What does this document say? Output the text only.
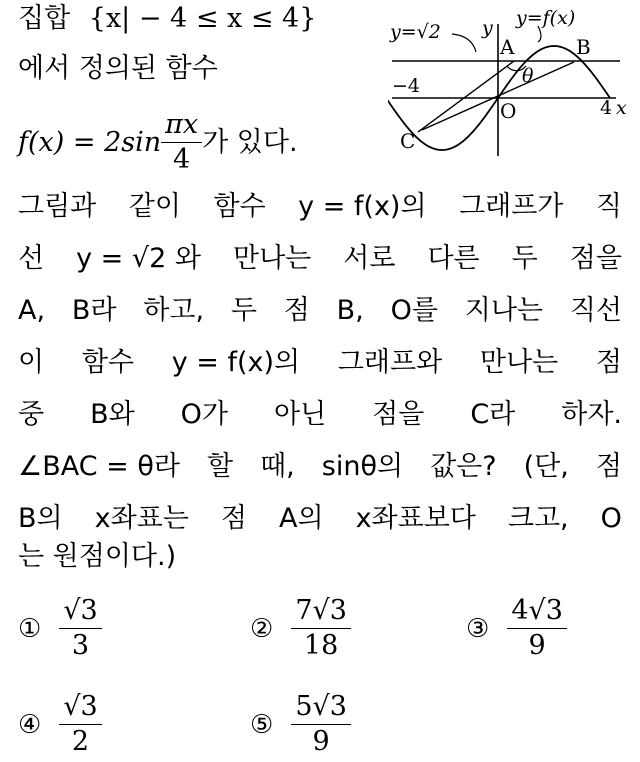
집합 {x| − 4 ≤ x ≤ 4}
에서 정의된 함수
$f(x) = 2\sin \frac{\pi x}{4}$ 가 있다.
y=√2
y=f(x)
y
x
A	B
C
O
θ
−4
4
그림과 같이 함수 y = f(x)의 그래프가 직
선 y = √2 와 만나는 서로 다른 두 점을
A, B라 하고, 두 점 B, O를 지나는 직선
이 함수 y = f(x)의 그래프와 만나는 점
중 B와 O가 아닌 점을 C라 하자.
∠BAC = θ라 할 때, sinθ의 값은? (단, 점
B의 x좌표는 점 A의 x좌표보다 크고, O
는 원점이다.)
① $\frac{√3}{3}$	② $\frac{7√3}{18}$	③ $\frac{4√3}{9}$
④ $\frac{√3}{2}$	⑤ $\frac{5√3}{9}$
